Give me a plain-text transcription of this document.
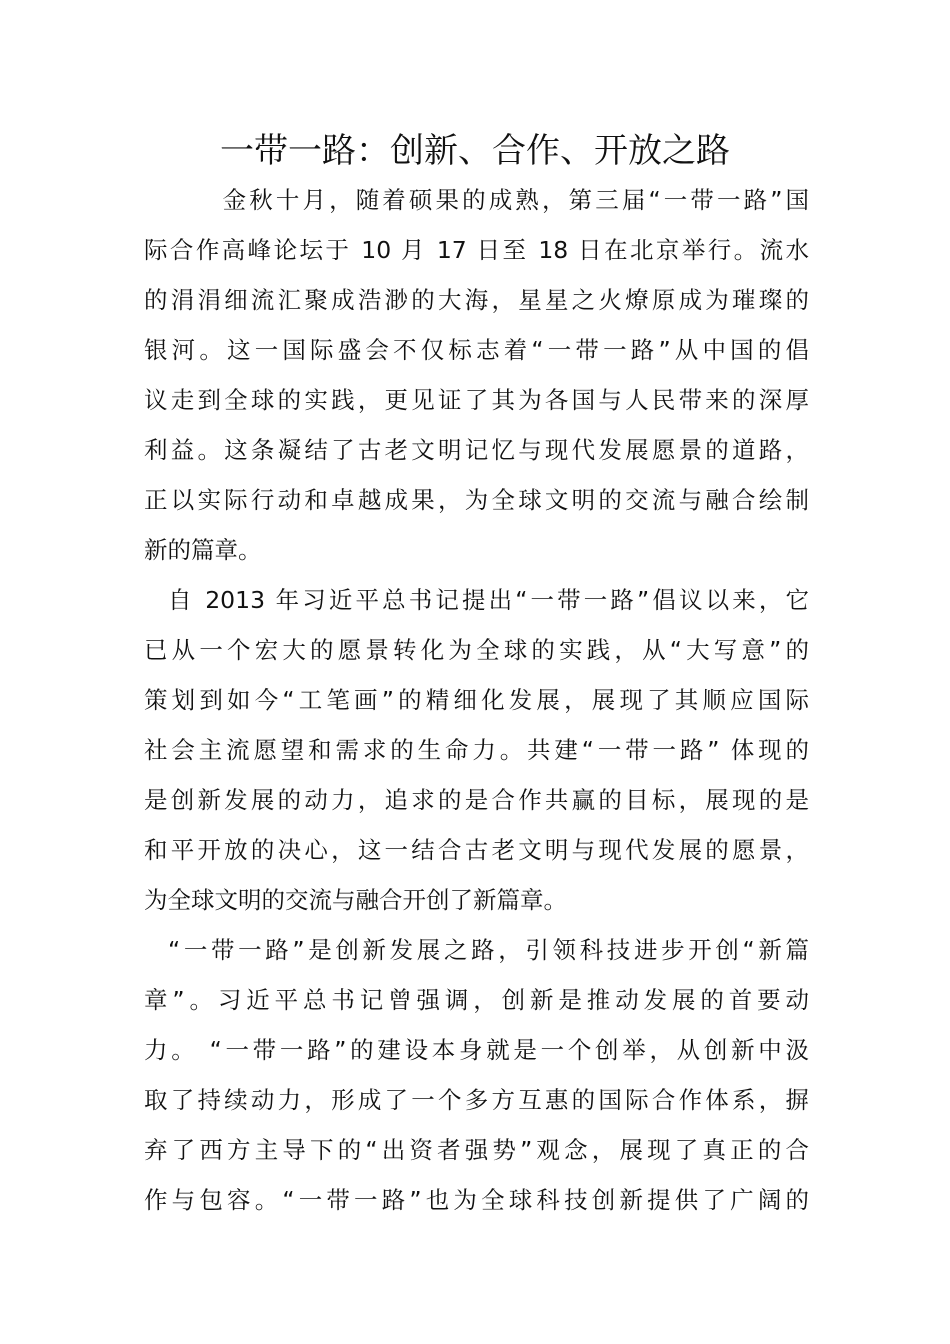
一带一路：创新、合作、开放之路
　金秋十月，随着硕果的成熟，第三届“一带一路”国
际合作高峰论坛于 10 月 17 日至 18 日在北京举行。流水
的涓涓细流汇聚成浩渺的大海，星星之火燎原成为璀璨的
银河。这一国际盛会不仅标志着“一带一路”从中国的倡
议走到全球的实践，更见证了其为各国与人民带来的深厚
利益。这条凝结了古老文明记忆与现代发展愿景的道路，
正以实际行动和卓越成果，为全球文明的交流与融合绘制
新的篇章。
自 2013 年习近平总书记提出“一带一路”倡议以来，它
已从一个宏大的愿景转化为全球的实践，从“大写意”的
策划到如今“工笔画”的精细化发展，展现了其顺应国际
社会主流愿望和需求的生命力。共建“一带一路” 体现的
是创新发展的动力，追求的是合作共赢的目标，展现的是
和平开放的决心，这一结合古老文明与现代发展的愿景，
为全球文明的交流与融合开创了新篇章。
“一带一路”是创新发展之路，引领科技进步开创“新篇
章”。习近平总书记曾强调，创新是推动发展的首要动
力。 “一带一路”的建设本身就是一个创举，从创新中汲
取了持续动力，形成了一个多方互惠的国际合作体系，摒
弃了西方主导下的“出资者强势”观念，展现了真正的合
作与包容。“一带一路”也为全球科技创新提供了广阔的
